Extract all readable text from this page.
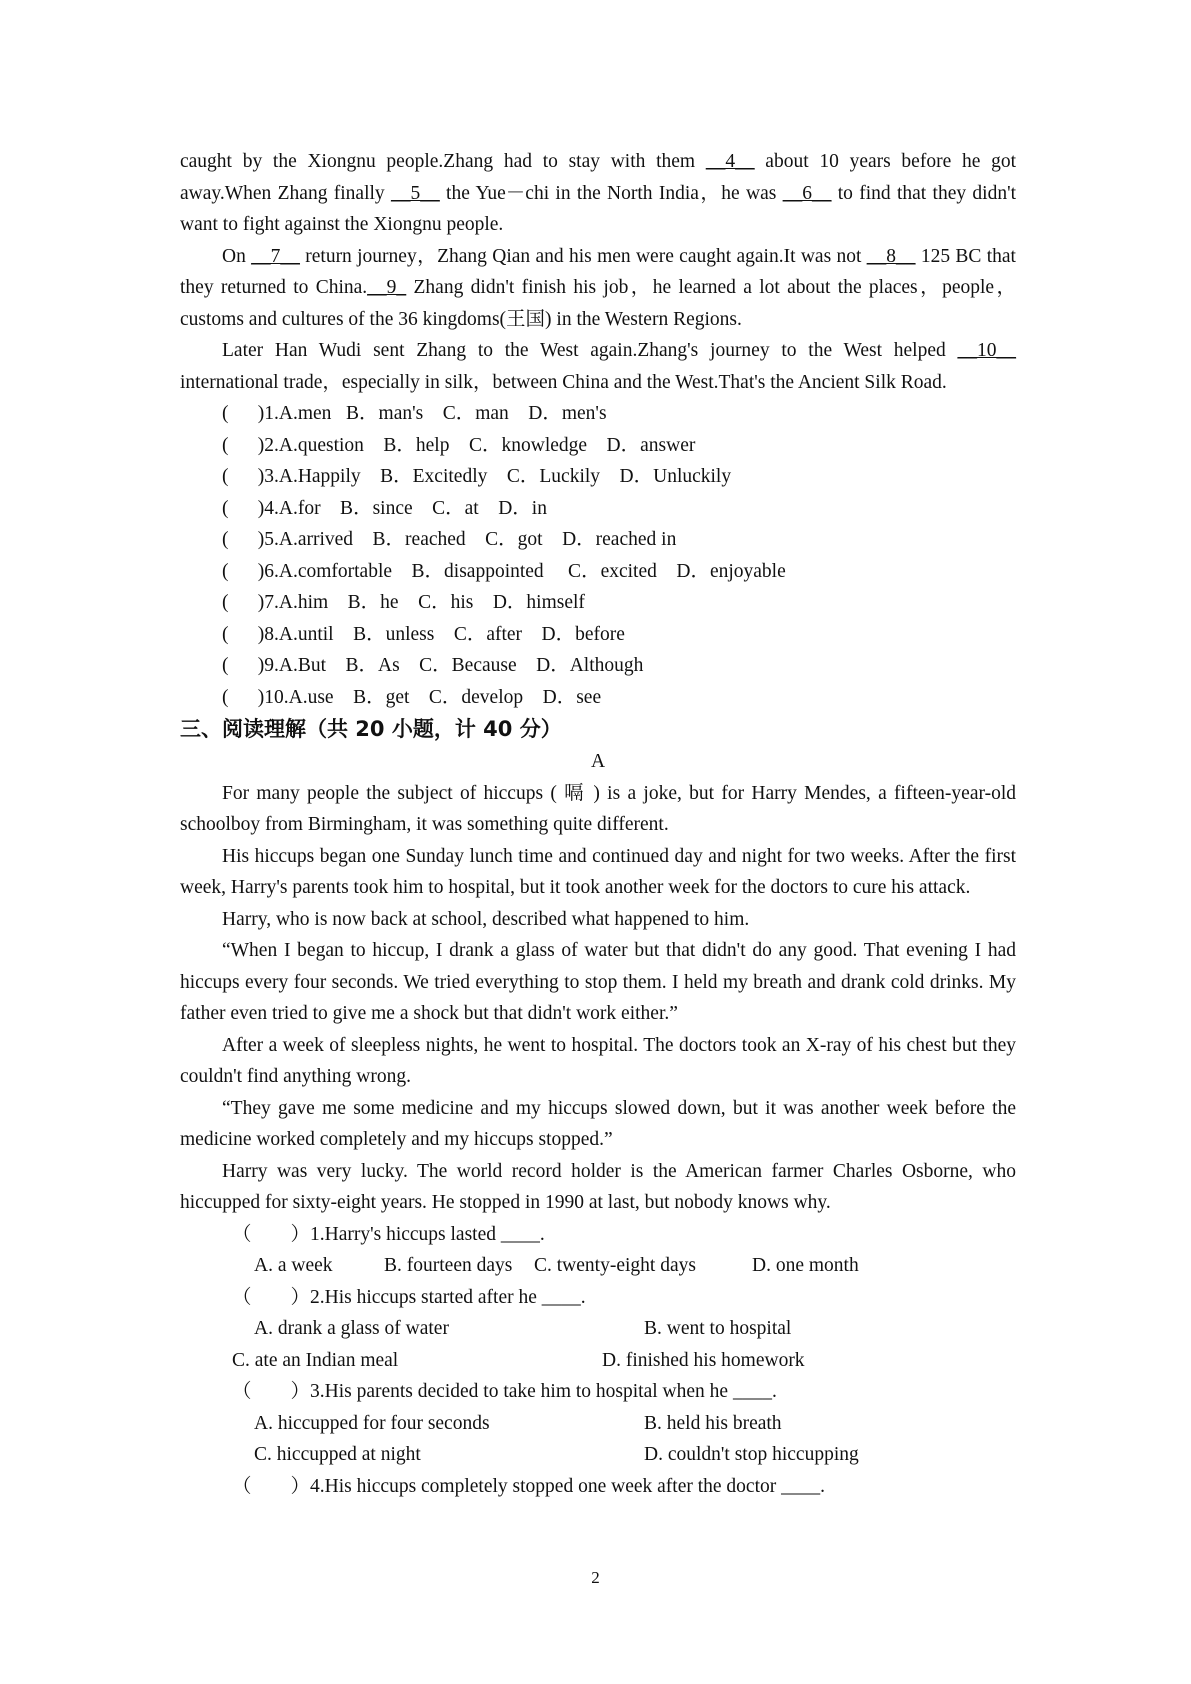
caught by the Xiongnu people.Zhang had to stay with them __4__ about 10 years before he got away.When Zhang finally __5__ the Yue－chi in the North India，he was __6__ to find that they didn't want to fight against the Xiongnu people.
On __7__ return journey，Zhang Qian and his men were caught again.It was not __8__ 125 BC that they returned to China.__9_ Zhang didn't finish his job，he learned a lot about the places，people，customs and cultures of the 36 kingdoms(王国) in the Western Regions.
Later Han Wudi sent Zhang to the West again.Zhang's journey to the West helped __10__ international trade，especially in silk，between China and the West.That's the Ancient Silk Road.
(      )1.A.men   B．man's    C．man    D．men's
(      )2.A.question    B．help    C．knowledge    D．answer
(      )3.A.Happily    B．Excitedly    C．Luckily    D．Unluckily
(      )4.A.for    B．since    C．at    D．in
(      )5.A.arrived    B．reached    C．got    D．reached in
(      )6.A.comfortable    B．disappointed     C．excited    D．enjoyable
(      )7.A.him    B．he    C．his    D．himself
(      )8.A.until    B．unless    C．after    D．before
(      )9.A.But    B．As    C．Because    D．Although
(      )10.A.use    B．get    C．develop    D．see
三、阅读理解（共 20 小题，计 40 分）
A
For many people the subject of hiccups ( 嗝 ) is a joke, but for Harry Mendes, a fifteen-year-old schoolboy from Birmingham, it was something quite different.
His hiccups began one Sunday lunch time and continued day and night for two weeks. After the first week, Harry's parents took him to hospital, but it took another week for the doctors to cure his attack.
Harry, who is now back at school, described what happened to him.
“When I began to hiccup, I drank a glass of water but that didn't do any good. That evening I had hiccups every four seconds. We tried everything to stop them. I held my breath and drank cold drinks. My father even tried to give me a shock but that didn't work either.”
After a week of sleepless nights, he went to hospital. The doctors took an X-ray of his chest but they couldn't find anything wrong.
“They gave me some medicine and my hiccups slowed down, but it was another week before the medicine worked completely and my hiccups stopped.”
Harry was very lucky. The world record holder is the American farmer Charles Osborne, who hiccupped for sixty-eight years. He stopped in 1990 at last, but nobody knows why.
（        ）1.Harry's hiccups lasted ____.
A. a week	B. fourteen days	C. twenty-eight days	D. one month
（        ）2.His hiccups started after he ____.
A. drank a glass of water	B. went to hospital
C. ate an Indian meal	D. finished his homework
（        ）3.His parents decided to take him to hospital when he ____.
A. hiccupped for four seconds	B. held his breath
C. hiccupped at night	D. couldn't stop hiccupping
（        ）4.His hiccups completely stopped one week after the doctor ____.
2
